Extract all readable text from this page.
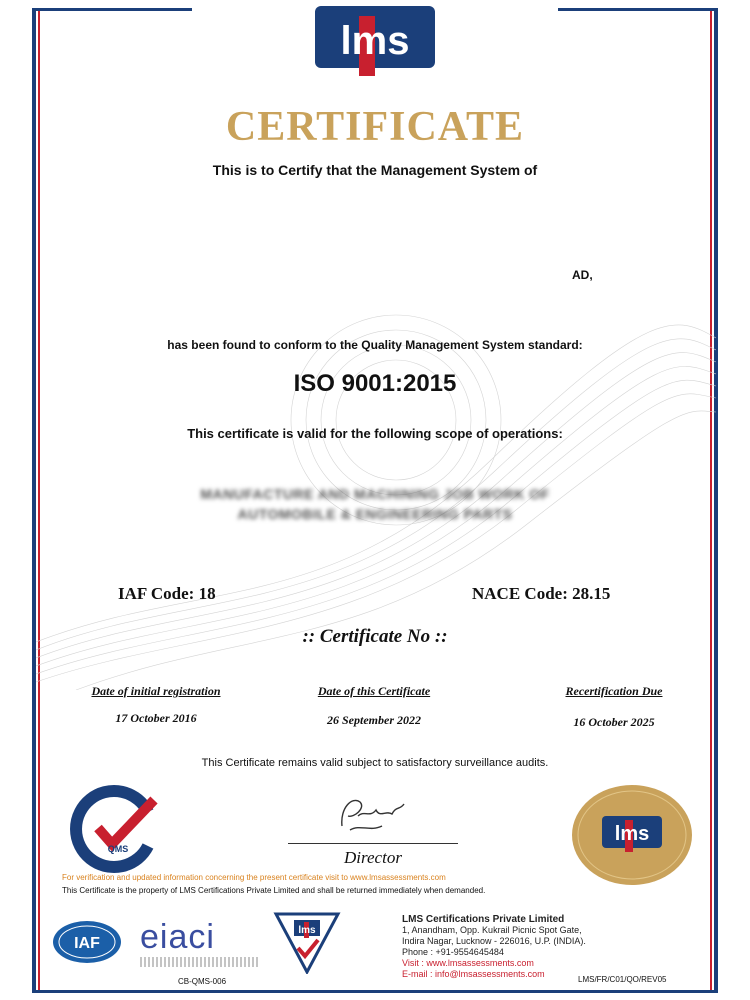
lms
CERTIFICATE
This is to Certify that the Management System of
AD,
has been found to conform to the Quality Management System standard:
ISO 9001:2015
This certificate is valid for the following scope of operations:
MANUFACTURE AND MACHINING JOB WORK OF
AUTOMOBILE & ENGINEERING PARTS
IAF Code: 18	NACE Code: 28.15
:: Certificate No ::
Date of initial registration
17 October 2016
Date of this Certificate
26 September 2022
Recertification Due
16 October 2025
This Certificate remains valid subject to satisfactory surveillance audits.
QMS	Director
lms
For verification and updated information concerning the present certificate visit to www.lmsassessments.com
This Certificate is the property of LMS Certifications Private Limited and shall be returned immediately when demanded.
IAF eiaci
CB-QMS-006
lms
LMS Certifications Private Limited
1, Anandham, Opp. Kukrail Picnic Spot Gate,
Indira Nagar, Lucknow - 226016, U.P. (INDIA).
Phone : +91-9554645484
Visit : www.lmsassessments.com
E-mail : info@lmsassessments.com
LMS/FR/C01/QO/REV05
